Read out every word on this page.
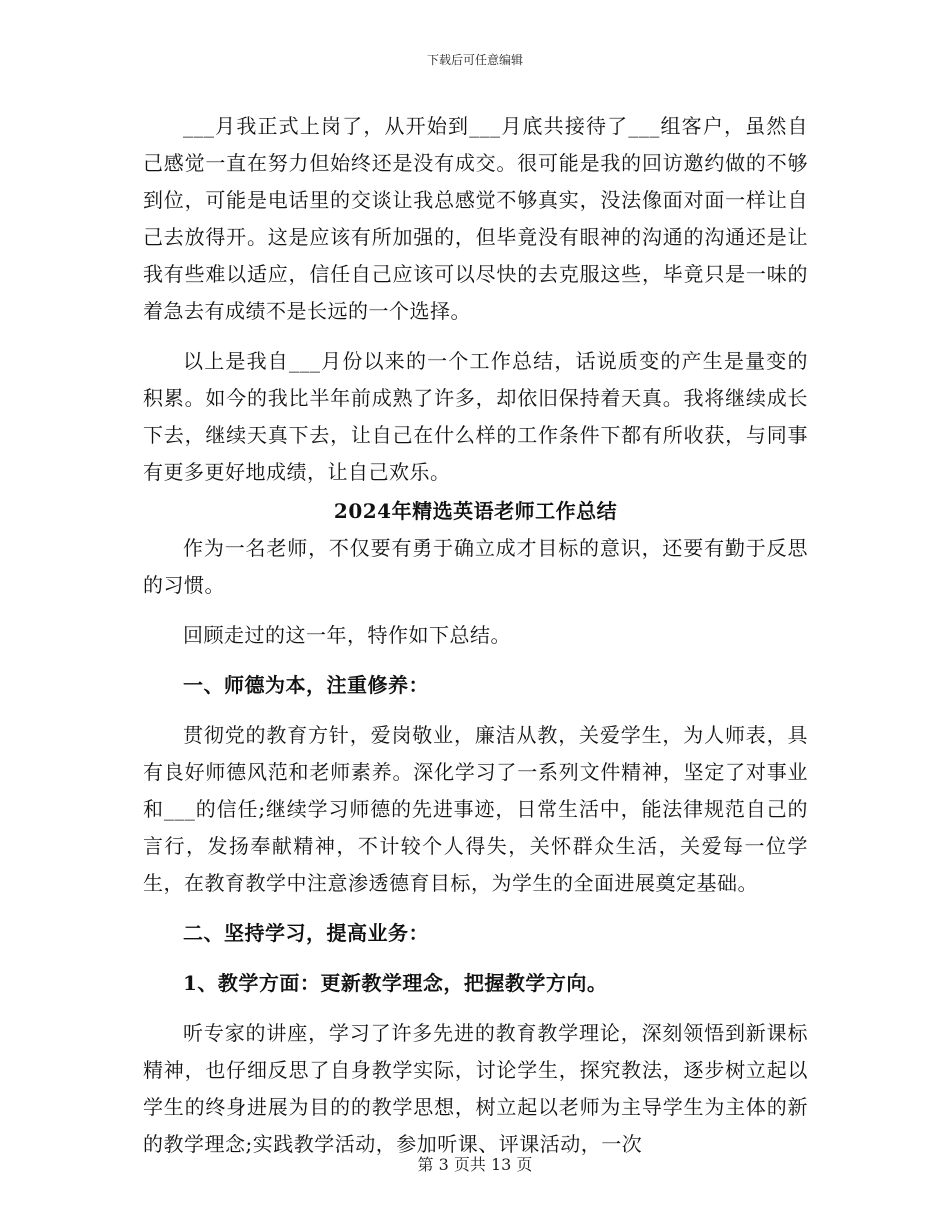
下载后可任意编辑

___月我正式上岗了，从开始到___月底共接待了___组客户，虽然自己感觉一直在努力但始终还是没有成交。很可能是我的回访邀约做的不够到位，可能是电话里的交谈让我总感觉不够真实，没法像面对面一样让自己去放得开。这是应该有所加强的，但毕竟没有眼神的沟通的沟通还是让我有些难以适应，信任自己应该可以尽快的去克服这些，毕竟只是一味的着急去有成绩不是长远的一个选择。

以上是我自___月份以来的一个工作总结，话说质变的产生是量变的积累。如今的我比半年前成熟了许多，却依旧保持着天真。我将继续成长下去，继续天真下去，让自己在什么样的工作条件下都有所收获，与同事有更多更好地成绩，让自己欢乐。

2024年精选英语老师工作总结

作为一名老师，不仅要有勇于确立成才目标的意识，还要有勤于反思的习惯。

回顾走过的这一年，特作如下总结。

一、师德为本，注重修养：

贯彻党的教育方针，爱岗敬业，廉洁从教，关爱学生，为人师表，具有良好师德风范和老师素养。深化学习了一系列文件精神，坚定了对事业和___的信任;继续学习师德的先进事迹，日常生活中，能法律规范自己的言行，发扬奉献精神，不计较个人得失，关怀群众生活，关爱每一位学生，在教育教学中注意渗透德育目标，为学生的全面进展奠定基础。

二、坚持学习，提高业务：

1、教学方面：更新教学理念，把握教学方向。

听专家的讲座，学习了许多先进的教育教学理论，深刻领悟到新课标精神，也仔细反思了自身教学实际，讨论学生，探究教法，逐步树立起以学生的终身进展为目的的教学思想，树立起以老师为主导学生为主体的新的教学理念;实践教学活动，参加听课、评课活动，一次

第 3 页共 13 页
